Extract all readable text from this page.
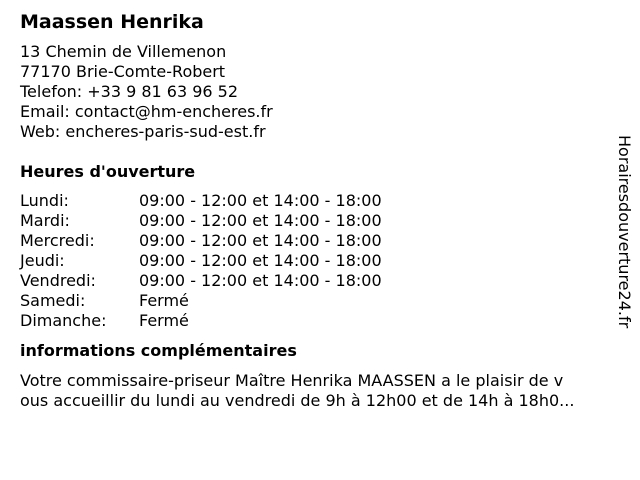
Maassen Henrika
13 Chemin de Villemenon
77170 Brie-Comte-Robert
Telefon: +33 9 81 63 96 52
Email: contact@hm-encheres.fr
Web: encheres-paris-sud-est.fr
Heures d'ouverture
Lundi:	09:00 - 12:00 et 14:00 - 18:00
Mardi:	09:00 - 12:00 et 14:00 - 18:00
Mercredi:	09:00 - 12:00 et 14:00 - 18:00
Jeudi:	09:00 - 12:00 et 14:00 - 18:00
Vendredi:	09:00 - 12:00 et 14:00 - 18:00
Samedi:	Fermé
Dimanche:	Fermé
informations complémentaires
Votre commissaire-priseur Maître Henrika MAASSEN a le plaisir de v
ous accueillir du lundi au vendredi de 9h à 12h00 et de 14h à 18h0...
Horairesdouverture24.fr
